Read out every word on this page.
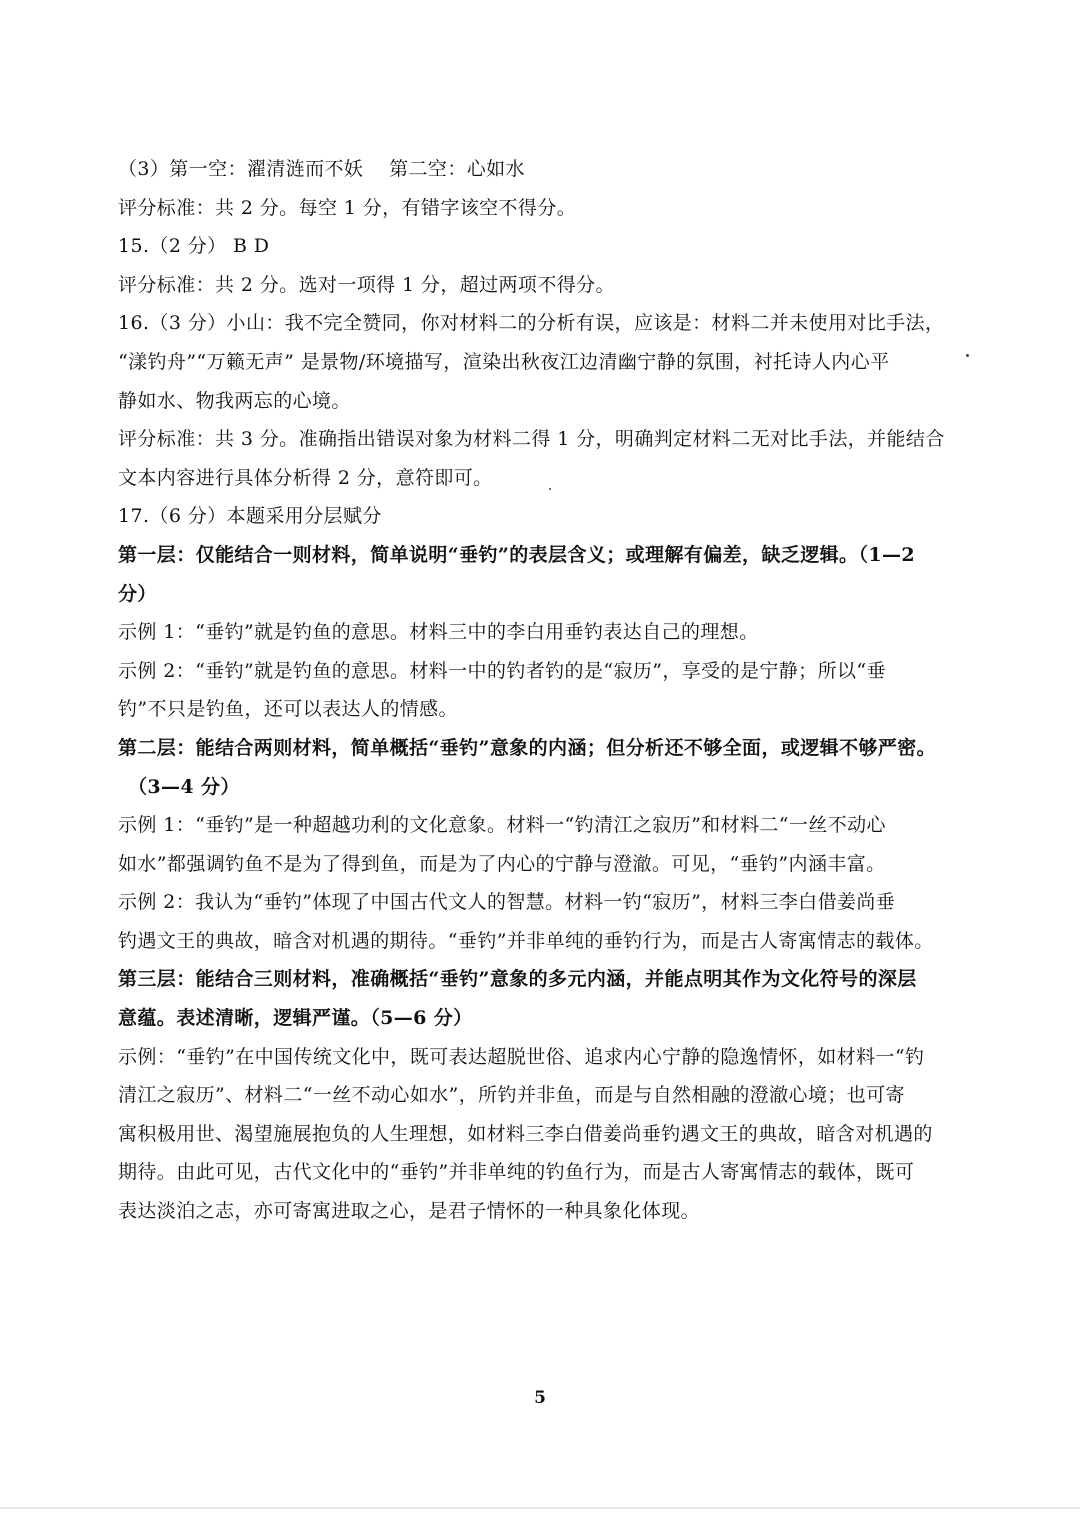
（3）第一空：濯清涟而不妖　 第二空：心如水
评分标准：共 2 分。每空 1 分，有错字该空不得分。
15.（2 分） B D
评分标准：共 2 分。选对一项得 1 分，超过两项不得分。
16.（3 分）小山：我不完全赞同，你对材料二的分析有误，应该是：材料二并未使用对比手法，
“漾钓舟”“万籁无声” 是景物/环境描写，渲染出秋夜江边清幽宁静的氛围，衬托诗人内心平
静如水、物我两忘的心境。
评分标准：共 3 分。准确指出错误对象为材料二得 1 分，明确判定材料二无对比手法，并能结合
文本内容进行具体分析得 2 分，意符即可。
17.（6 分）本题采用分层赋分
第一层：仅能结合一则材料，简单说明“垂钓”的表层含义；或理解有偏差，缺乏逻辑。（1—2
分）
示例 1：“垂钓”就是钓鱼的意思。材料三中的李白用垂钓表达自己的理想。
示例 2：“垂钓”就是钓鱼的意思。材料一中的钓者钓的是“寂历”，享受的是宁静；所以“垂
钓”不只是钓鱼，还可以表达人的情感。
第二层：能结合两则材料，简单概括“垂钓”意象的内涵；但分析还不够全面，或逻辑不够严密。
（3—4 分）
示例 1：“垂钓”是一种超越功利的文化意象。材料一“钓清江之寂历”和材料二“一丝不动心
如水”都强调钓鱼不是为了得到鱼，而是为了内心的宁静与澄澈。可见，“垂钓”内涵丰富。
示例 2：我认为“垂钓”体现了中国古代文人的智慧。材料一钓“寂历”，材料三李白借姜尚垂
钓遇文王的典故，暗含对机遇的期待。“垂钓”并非单纯的垂钓行为，而是古人寄寓情志的载体。
第三层：能结合三则材料，准确概括“垂钓”意象的多元内涵，并能点明其作为文化符号的深层
意蕴。表述清晰，逻辑严谨。（5—6 分）
示例：“垂钓”在中国传统文化中，既可表达超脱世俗、追求内心宁静的隐逸情怀，如材料一“钓
清江之寂历”、材料二“一丝不动心如水”，所钓并非鱼，而是与自然相融的澄澈心境；也可寄
寓积极用世、渴望施展抱负的人生理想，如材料三李白借姜尚垂钓遇文王的典故，暗含对机遇的
期待。由此可见，古代文化中的“垂钓”并非单纯的钓鱼行为，而是古人寄寓情志的载体，既可
表达淡泊之志，亦可寄寓进取之心，是君子情怀的一种具象化体现。
5
